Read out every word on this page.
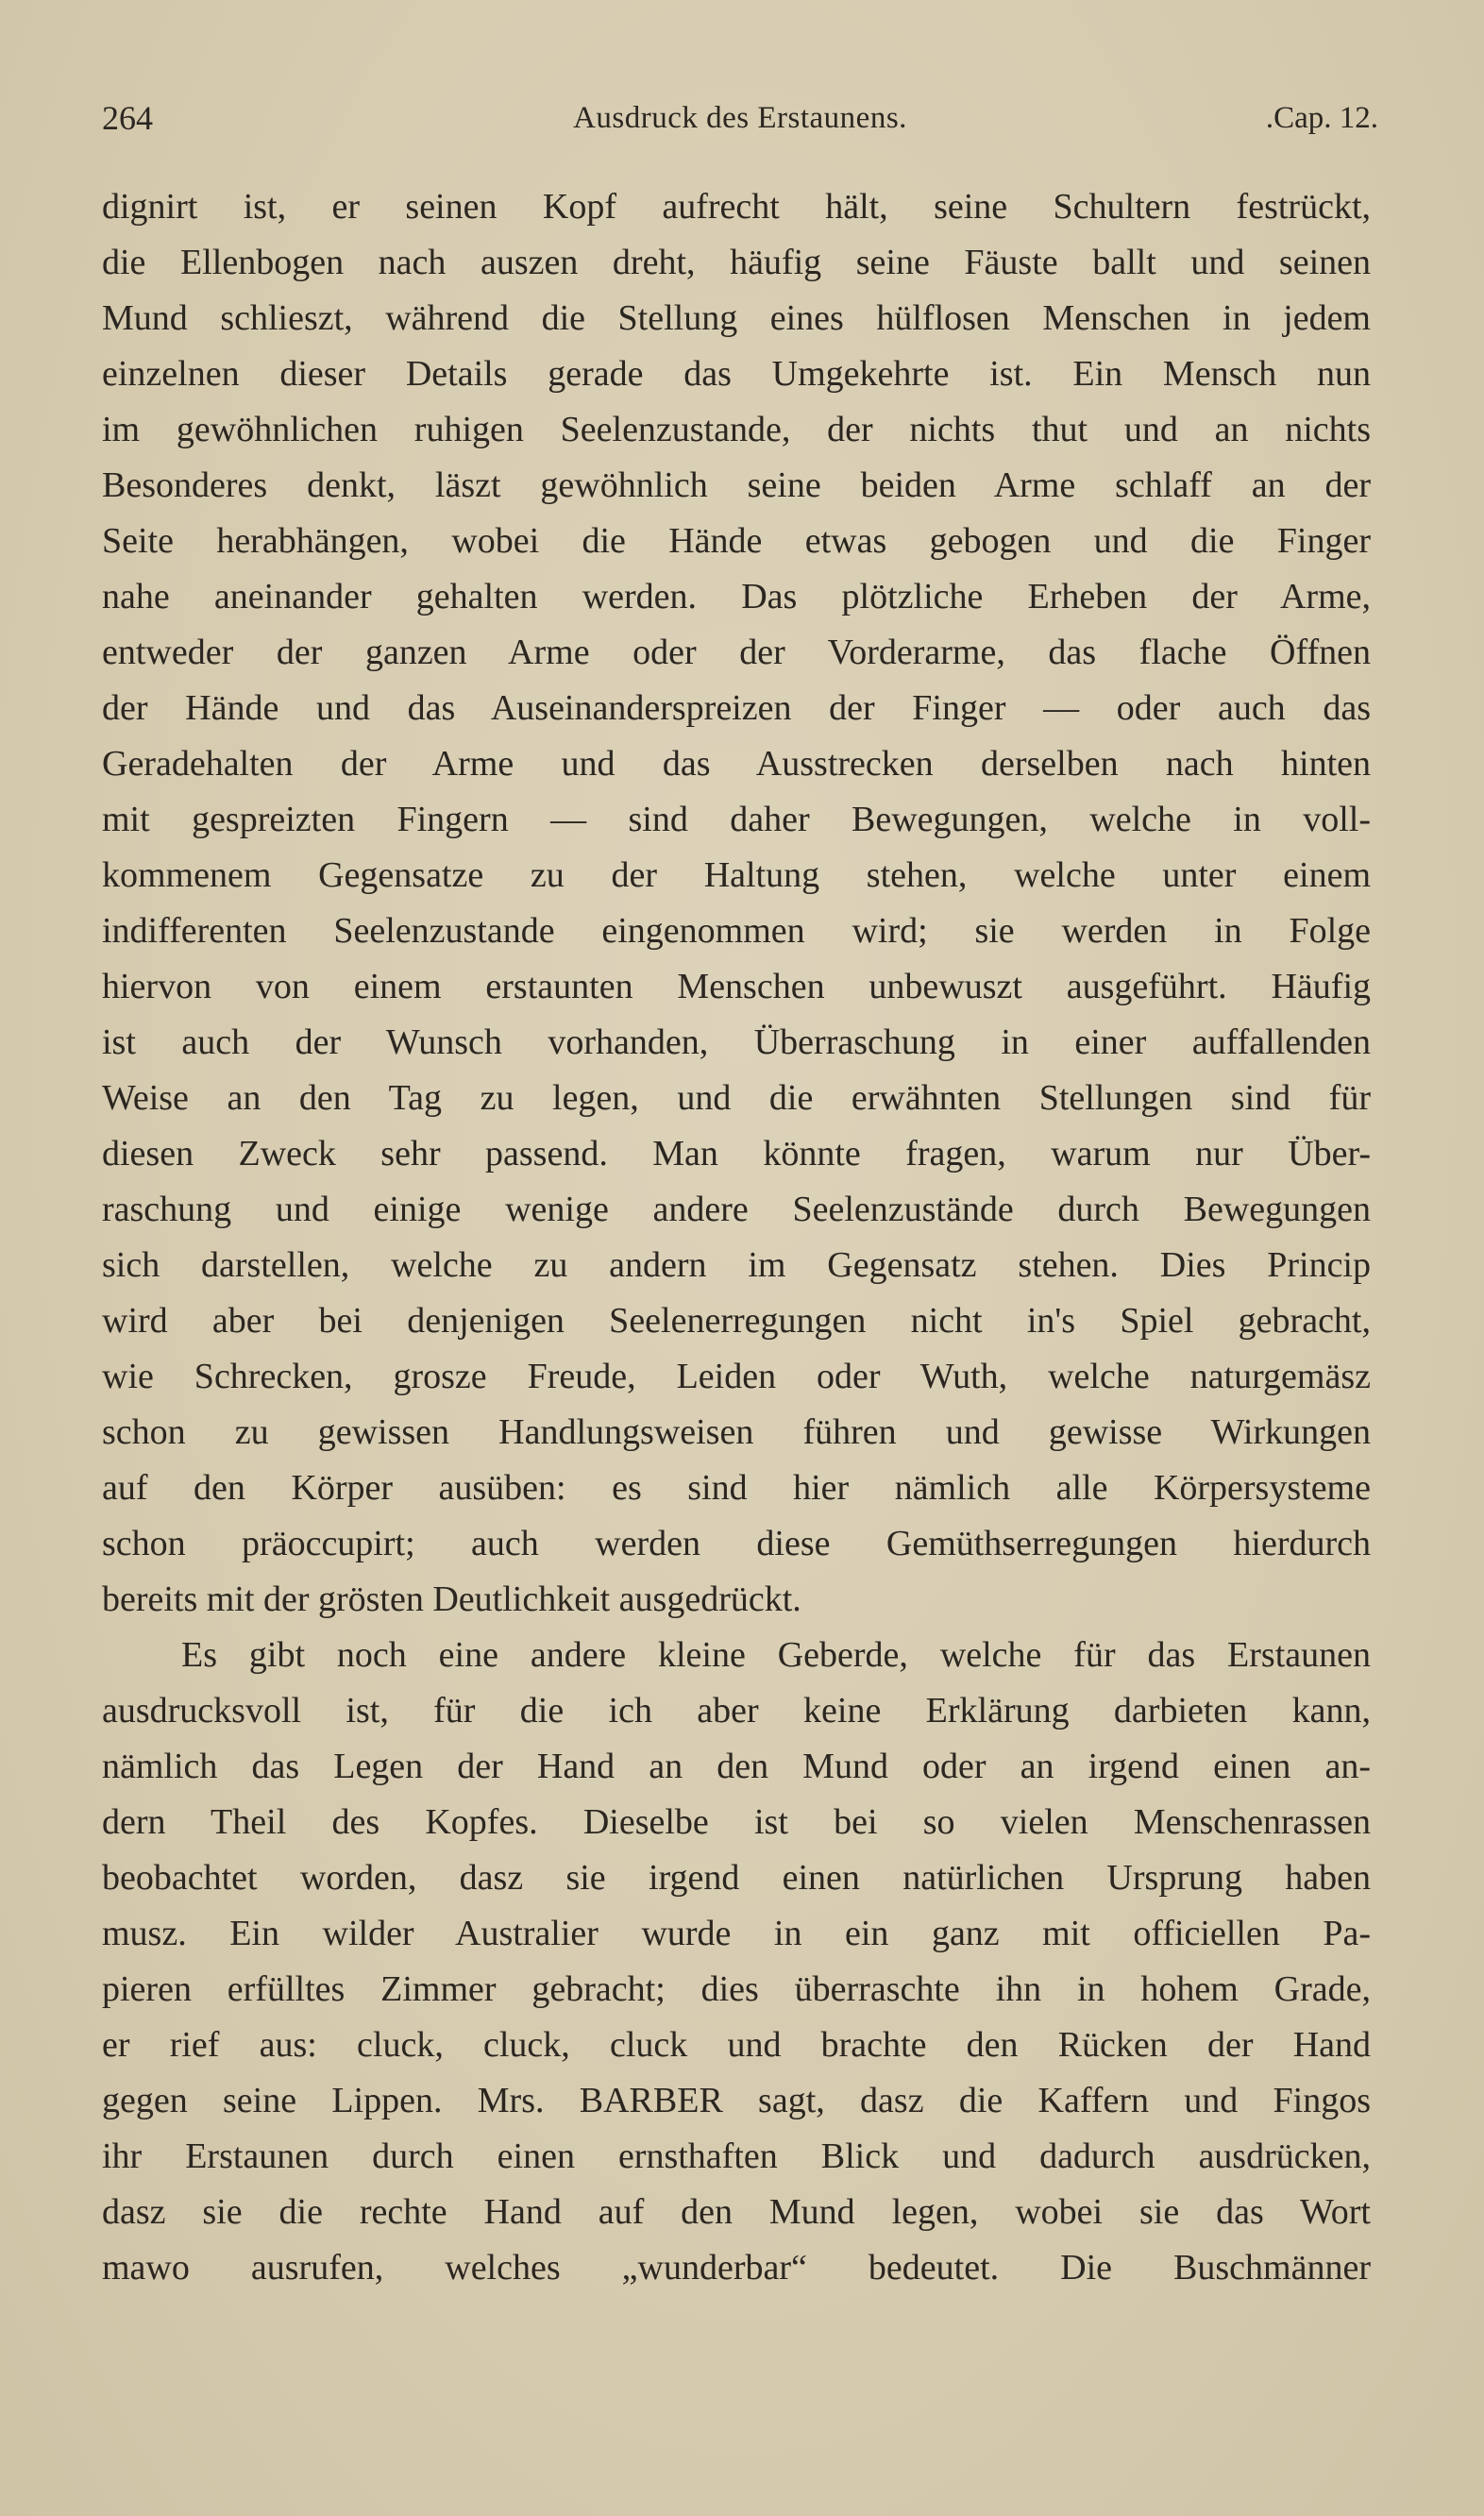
264	Ausdruck des Erstaunens.	.Cap. 12.
dignirt ist, er seinen Kopf aufrecht hält, seine Schultern festrückt,
die Ellenbogen nach auszen dreht, häufig seine Fäuste ballt und seinen
Mund schlieszt, während die Stellung eines hülflosen Menschen in jedem
einzelnen dieser Details gerade das Umgekehrte ist. Ein Mensch nun
im gewöhnlichen ruhigen Seelenzustande, der nichts thut und an nichts
Besonderes denkt, läszt gewöhnlich seine beiden Arme schlaff an der
Seite herabhängen, wobei die Hände etwas gebogen und die Finger
nahe aneinander gehalten werden. Das plötzliche Erheben der Arme,
entweder der ganzen Arme oder der Vorderarme, das flache Öffnen
der Hände und das Auseinanderspreizen der Finger — oder auch das
Geradehalten der Arme und das Ausstrecken derselben nach hinten
mit gespreizten Fingern — sind daher Bewegungen, welche in voll-
kommenem Gegensatze zu der Haltung stehen, welche unter einem
indifferenten Seelenzustande eingenommen wird; sie werden in Folge
hiervon von einem erstaunten Menschen unbewuszt ausgeführt. Häufig
ist auch der Wunsch vorhanden, Überraschung in einer auffallenden
Weise an den Tag zu legen, und die erwähnten Stellungen sind für
diesen Zweck sehr passend. Man könnte fragen, warum nur Über-
raschung und einige wenige andere Seelenzustände durch Bewegungen
sich darstellen, welche zu andern im Gegensatz stehen. Dies Princip
wird aber bei denjenigen Seelenerregungen nicht in's Spiel gebracht,
wie Schrecken, grosze Freude, Leiden oder Wuth, welche naturgemäsz
schon zu gewissen Handlungsweisen führen und gewisse Wirkungen
auf den Körper ausüben: es sind hier nämlich alle Körpersysteme
schon präoccupirt; auch werden diese Gemüthserregungen hierdurch
bereits mit der grösten Deutlichkeit ausgedrückt.
Es gibt noch eine andere kleine Geberde, welche für das Erstaunen
ausdrucksvoll ist, für die ich aber keine Erklärung darbieten kann,
nämlich das Legen der Hand an den Mund oder an irgend einen an-
dern Theil des Kopfes. Dieselbe ist bei so vielen Menschenrassen
beobachtet worden, dasz sie irgend einen natürlichen Ursprung haben
musz. Ein wilder Australier wurde in ein ganz mit officiellen Pa-
pieren erfülltes Zimmer gebracht; dies überraschte ihn in hohem Grade,
er rief aus: cluck, cluck, cluck und brachte den Rücken der Hand
gegen seine Lippen. Mrs. BARBER sagt, dasz die Kaffern und Fingos
ihr Erstaunen durch einen ernsthaften Blick und dadurch ausdrücken,
dasz sie die rechte Hand auf den Mund legen, wobei sie das Wort
mawo ausrufen, welches „wunderbar“ bedeutet. Die Buschmänner
